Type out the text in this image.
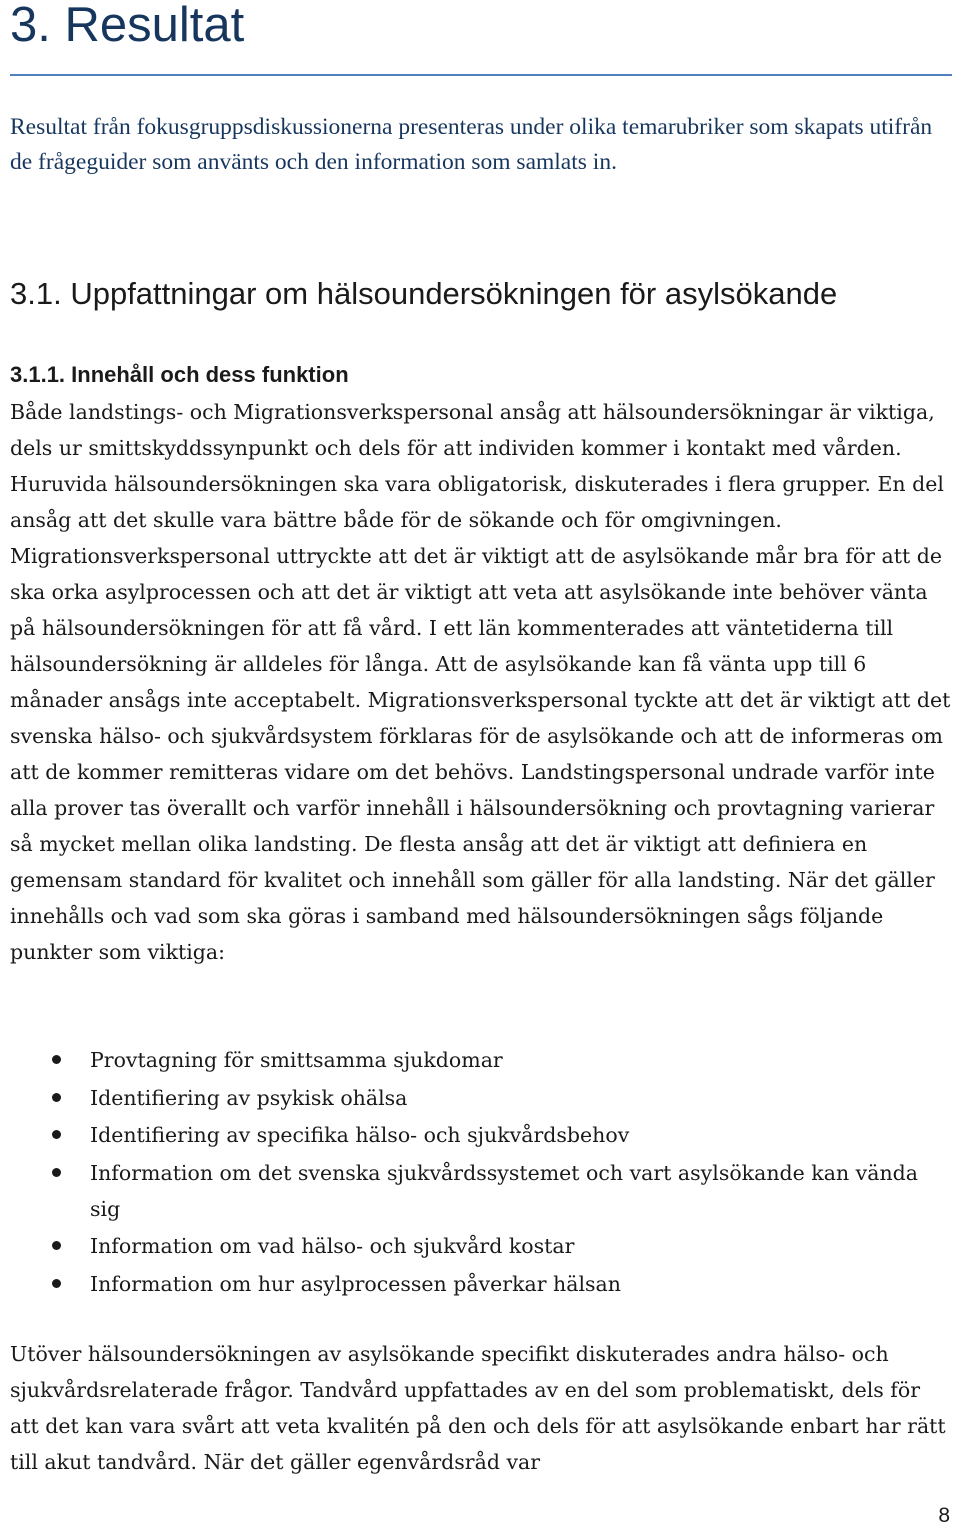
3. Resultat

Resultat från fokusgruppsdiskussionerna presenteras under olika temarubriker som skapats utifrån de frågeguider som använts och den information som samlats in.

3.1. Uppfattningar om hälsoundersökningen för asylsökande
3.1.1. Innehåll och dess funktion

Både landstings- och Migrationsverkspersonal ansåg att hälsoundersökningar är viktiga, dels ur smittskyddssynpunkt och dels för att individen kommer i kontakt med vården. Huruvida hälsoundersökningen ska vara obligatorisk, diskuterades i flera grupper. En del ansåg att det skulle vara bättre både för de sökande och för omgivningen. Migrationsverkspersonal uttryckte att det är viktigt att de asylsökande mår bra för att de ska orka asylprocessen och att det är viktigt att veta att asylsökande inte behöver vänta på hälsoundersökningen för att få vård. I ett län kommenterades att väntetiderna till hälsoundersökning är alldeles för långa. Att de asylsökande kan få vänta upp till 6 månader ansågs inte acceptabelt. Migrationsverkspersonal tyckte att det är viktigt att det svenska hälso- och sjukvårdsystem förklaras för de asylsökande och att de informeras om att de kommer remitteras vidare om det behövs. Landstingspersonal undrade varför inte alla prover tas överallt och varför innehåll i hälsoundersökning och provtagning varierar så mycket mellan olika landsting. De flesta ansåg att det är viktigt att definiera en gemensam standard för kvalitet och innehåll som gäller för alla landsting. När det gäller innehålls och vad som ska göras i samband med hälsoundersökningen sågs följande punkter som viktiga:

Provtagning för smittsamma sjukdomar
Identifiering av psykisk ohälsa
Identifiering av specifika hälso- och sjukvårdsbehov
Information om det svenska sjukvårdssystemet och vart asylsökande kan vända sig
Information om vad hälso- och sjukvård kostar
Information om hur asylprocessen påverkar hälsan

Utöver hälsoundersökningen av asylsökande specifikt diskuterades andra hälso- och sjukvårdsrelaterade frågor. Tandvård uppfattades av en del som problematiskt, dels för att det kan vara svårt att veta kvalitén på den och dels för att asylsökande enbart har rätt till akut tandvård. När det gäller egenvårdsråd var

8
